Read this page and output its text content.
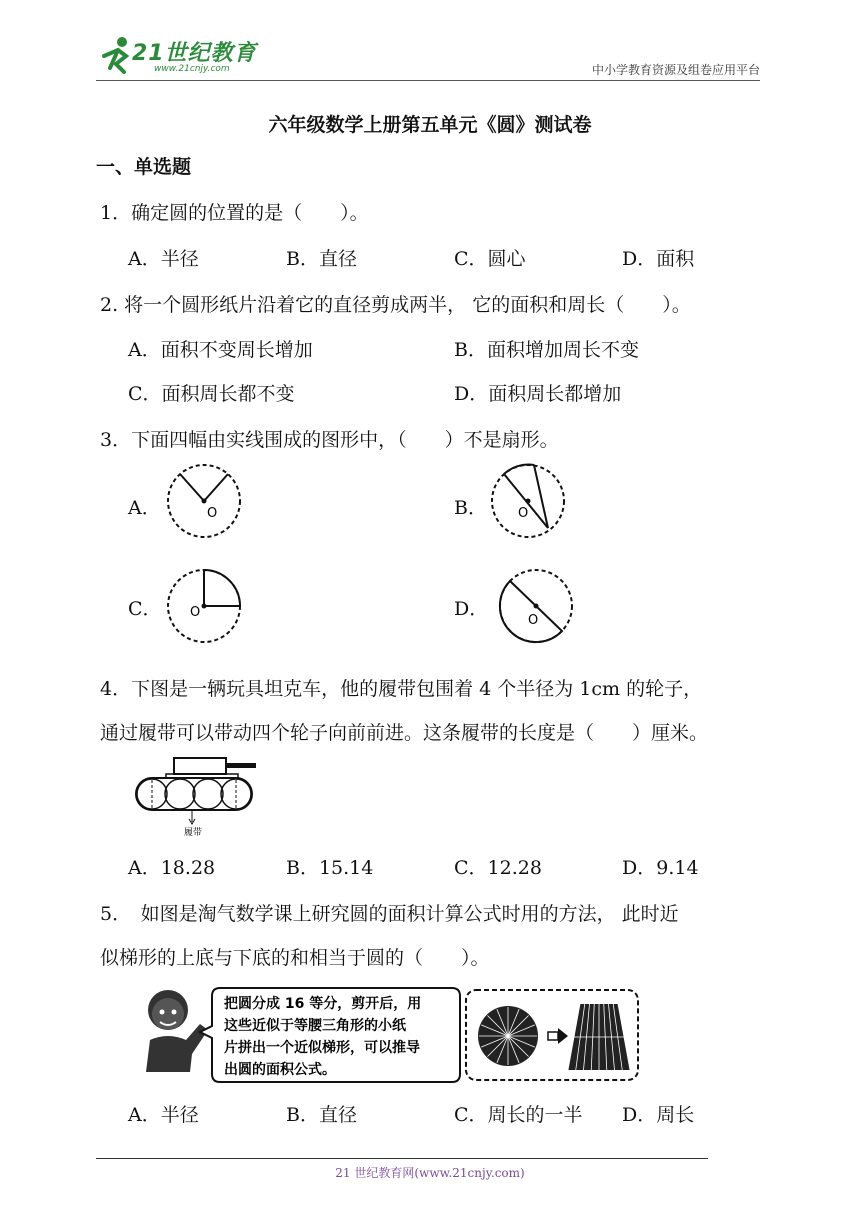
21世纪教育
www.21cnjy.com	中小学教育资源及组卷应用平台
六年级数学上册第五单元《圆》测试卷
一、单选题
1．确定圆的位置的是（　　）。
A．半径	B．直径	C．圆心	D．面积
2. 将一个圆形纸片沿着它的直径剪成两半， 它的面积和周长（　　）。
A．面积不变周长增加	B．面积增加周长不变
C．面积周长都不变	D．面积周长都增加
3．下面四幅由实线围成的图形中，（　　）不是扇形。
A．	O	B． O
C． O	D．
O
4．下图是一辆玩具坦克车，他的履带包围着 4 个半径为 1cm 的轮子，
通过履带可以带动四个轮子向前前进。这条履带的长度是（　　）厘米。
履带
A．18.28	B．15.14	C．12.28	D．9.14
5．　如图是淘气数学课上研究圆的面积计算公式时用的方法， 此时近
似梯形的上底与下底的和相当于圆的（　　）。
把圆分成 16 等分，剪开后，用
这些近似于等腰三角形的小纸
片拼出一个近似梯形，可以推导
出圆的面积公式。
A．半径	B．直径	C．周长的一半 D．周长
21 世纪教育网(www.21cnjy.com)
